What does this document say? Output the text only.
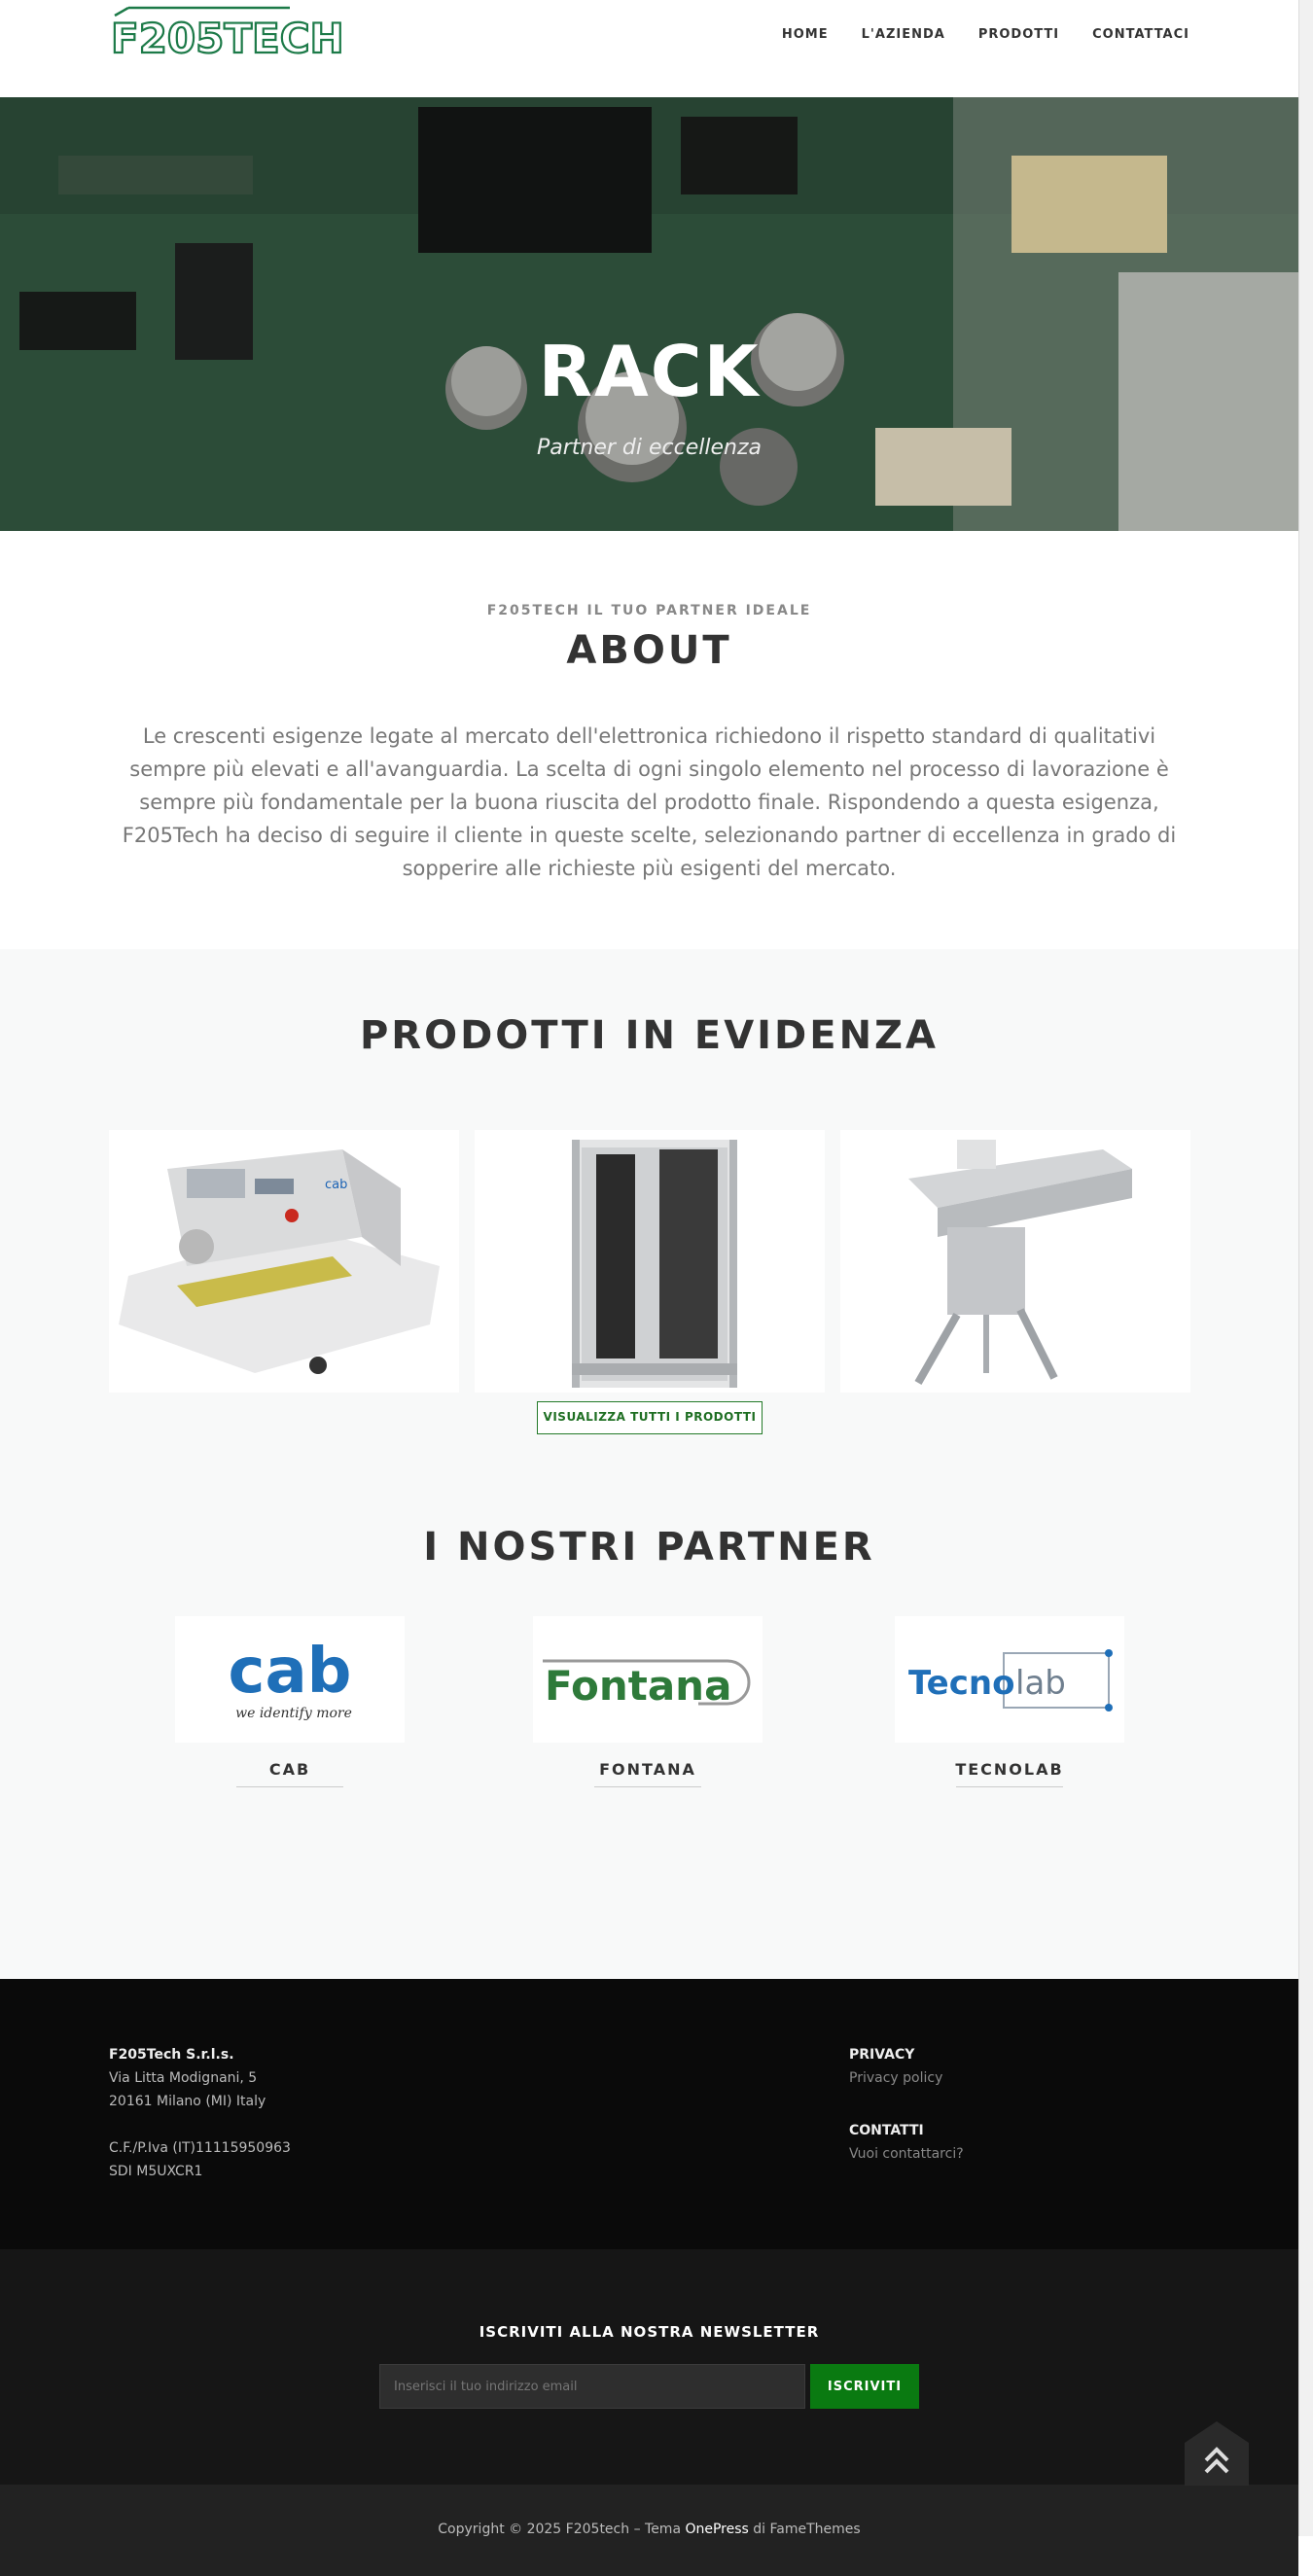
F205TECH	HOME	L'AZIENDA	PRODOTTI	CONTATTACI
RACK
Partner di eccellenza
F205TECH IL TUO PARTNER IDEALE
ABOUT

Le crescenti esigenze legate al mercato dell'elettronica richiedono il rispetto standard di qualitativi sempre più elevati e all'avanguardia. La scelta di ogni singolo elemento nel processo di lavorazione è sempre più fondamentale per la buona riuscita del prodotto finale. Rispondendo a questa esigenza, F205Tech ha deciso di seguire il cliente in queste scelte, selezionando partner di eccellenza in grado di sopperire alle richieste più esigenti del mercato.

PRODOTTI IN EVIDENZA
cab
VISUALIZZA TUTTI I PRODOTTI
I NOSTRI PARTNER
cab
we identify more
CAB
Fontana
FONTANA
Tecno lab
TECNOLAB
F205Tech S.r.l.s.
Via Litta Modignani, 5
20161 Milano (MI) Italy

C.F./P.Iva (IT)11115950963
SDI M5UXCR1
PRIVACY
Privacy policy
CONTATTI
Vuoi contattarci?
ISCRIVITI ALLA NOSTRA NEWSLETTER
Inserisci il tuo indirizzo email
ISCRIVITI

Copyright © 2025 F205tech – Tema OnePress di FameThemes
